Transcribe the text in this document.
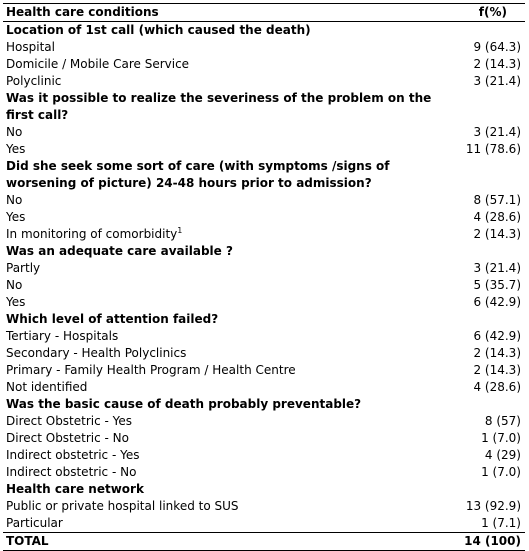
Health care conditions	f(%)
Location of 1st call (which caused the death)
Hospital	9 (64.3)
Domicile / Mobile Care Service	2 (14.3)
Polyclinic	3 (21.4)
Was it possible to realize the severiness of the problem on the first call?
No	3 (21.4)
Yes	11 (78.6)
Did she seek some sort of care (with symptoms /signs of worsening of picture) 24-48 hours prior to admission?
No	8 (57.1)
Yes	4 (28.6)
In monitoring of comorbidity$^1$	2 (14.3)
Was an adequate care available ?
Partly	3 (21.4)
No	5 (35.7)
Yes	6 (42.9)
Which level of attention failed?
Tertiary - Hospitals	6 (42.9)
Secondary - Health Polyclinics	2 (14.3)
Primary - Family Health Program / Health Centre	2 (14.3)
Not identified	4 (28.6)
Was the basic cause of death probably preventable?
Direct Obstetric - Yes	8 (57)
Direct Obstetric - No	1 (7.0)
Indirect obstetric - Yes	4 (29)
Indirect obstetric - No	1 (7.0)
Health care network
Public or private hospital linked to SUS	13 (92.9)
Particular	1 (7.1)
TOTAL	14 (100)
